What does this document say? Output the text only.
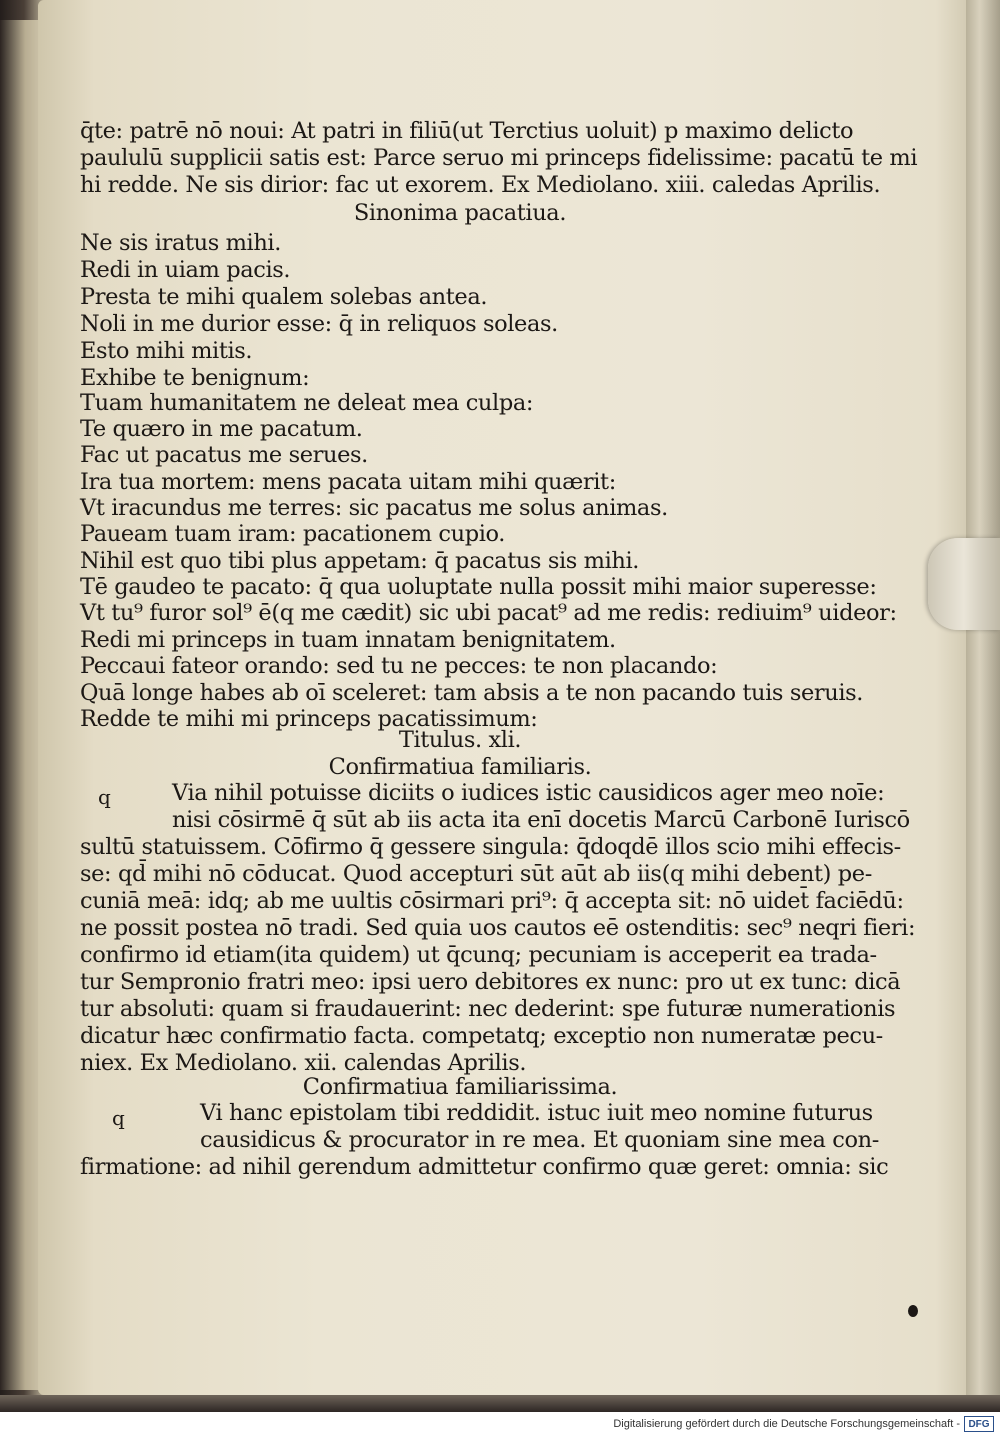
q̄te: patrē nō noui: At patri in filiū(ut Terctius uoluit) p maximo delicto
paululū supplicii satis est: Parce seruo mi princeps fidelissime: pacatū te mi
hi redde. Ne sis dirior: fac ut exorem. Ex Mediolano. xiii. caledas Aprilis.
Sinonima pacatiua.
Ne sis iratus mihi.
Redi in uiam pacis.
Presta te mihi qualem solebas antea.
Noli in me durior esse: q̄ in reliquos soleas.
Esto mihi mitis.
Exhibe te benignum:
Tuam humanitatem ne deleat mea culpa:
Te quæro in me pacatum.
Fac ut pacatus me serues.
Ira tua mortem: mens pacata uitam mihi quærit:
Vt iracundus me terres: sic pacatus me solus animas.
Paueam tuam iram: pacationem cupio.
Nihil est quo tibi plus appetam: q̄ pacatus sis mihi.
Tē gaudeo te pacato: q̄ qua uoluptate nulla possit mihi maior superesse:
Vt tu⁹ furor sol⁹ ē(q me cædit) sic ubi pacat⁹ ad me redis: rediuim⁹ uideor:
Redi mi princeps in tuam innatam benignitatem.
Peccaui fateor orando: sed tu ne pecces: te non placando:
Quā longe habes ab oī sceleret: tam absis a te non pacando tuis seruis.
Redde te mihi mi princeps pacatissimum:
Titulus. xli.
Confirmatiua familiaris.
Via nihil potuisse diciits o iudices istic causidicos ager meo noīe:
nisi cōsirmē q̄ sūt ab iis acta ita enī docetis Marcū Carbonē Iuriscō
sultū statuissem. Cōfirmo q̄ gessere singula: q̄doqdē illos scio mihi effecis-
se: qd̄ mihi nō cōducat. Quod accepturi sūt aūt ab iis(q mihi debent) pe-
cuniā meā: idq; ab me uultis cōsirmari pri⁹: q̄ accepta sit: nō uidet̄ faciēdū:
ne possit postea nō tradi. Sed quia uos cautos eē ostenditis: sec⁹ neqri fieri:
confirmo id etiam(ita quidem) ut q̄cunq; pecuniam is acceperit ea trada-
tur Sempronio fratri meo: ipsi uero debitores ex nunc: pro ut ex tunc: dicā
tur absoluti: quam si fraudauerint: nec dederint: spe futuræ numerationis
dicatur hæc confirmatio facta. competatq; exceptio non numeratæ pecu-
niex. Ex Mediolano. xii. calendas Aprilis.
Confirmatiua familiarissima.
Vi hanc epistolam tibi reddidit. istuc iuit meo nomine futurus
causidicus & procurator in re mea. Et quoniam sine mea con-
firmatione: ad nihil gerendum admittetur confirmo quæ geret: omnia: sic
q
q
Digitalisierung gefördert durch die Deutsche Forschungsgemeinschaft - DFG
